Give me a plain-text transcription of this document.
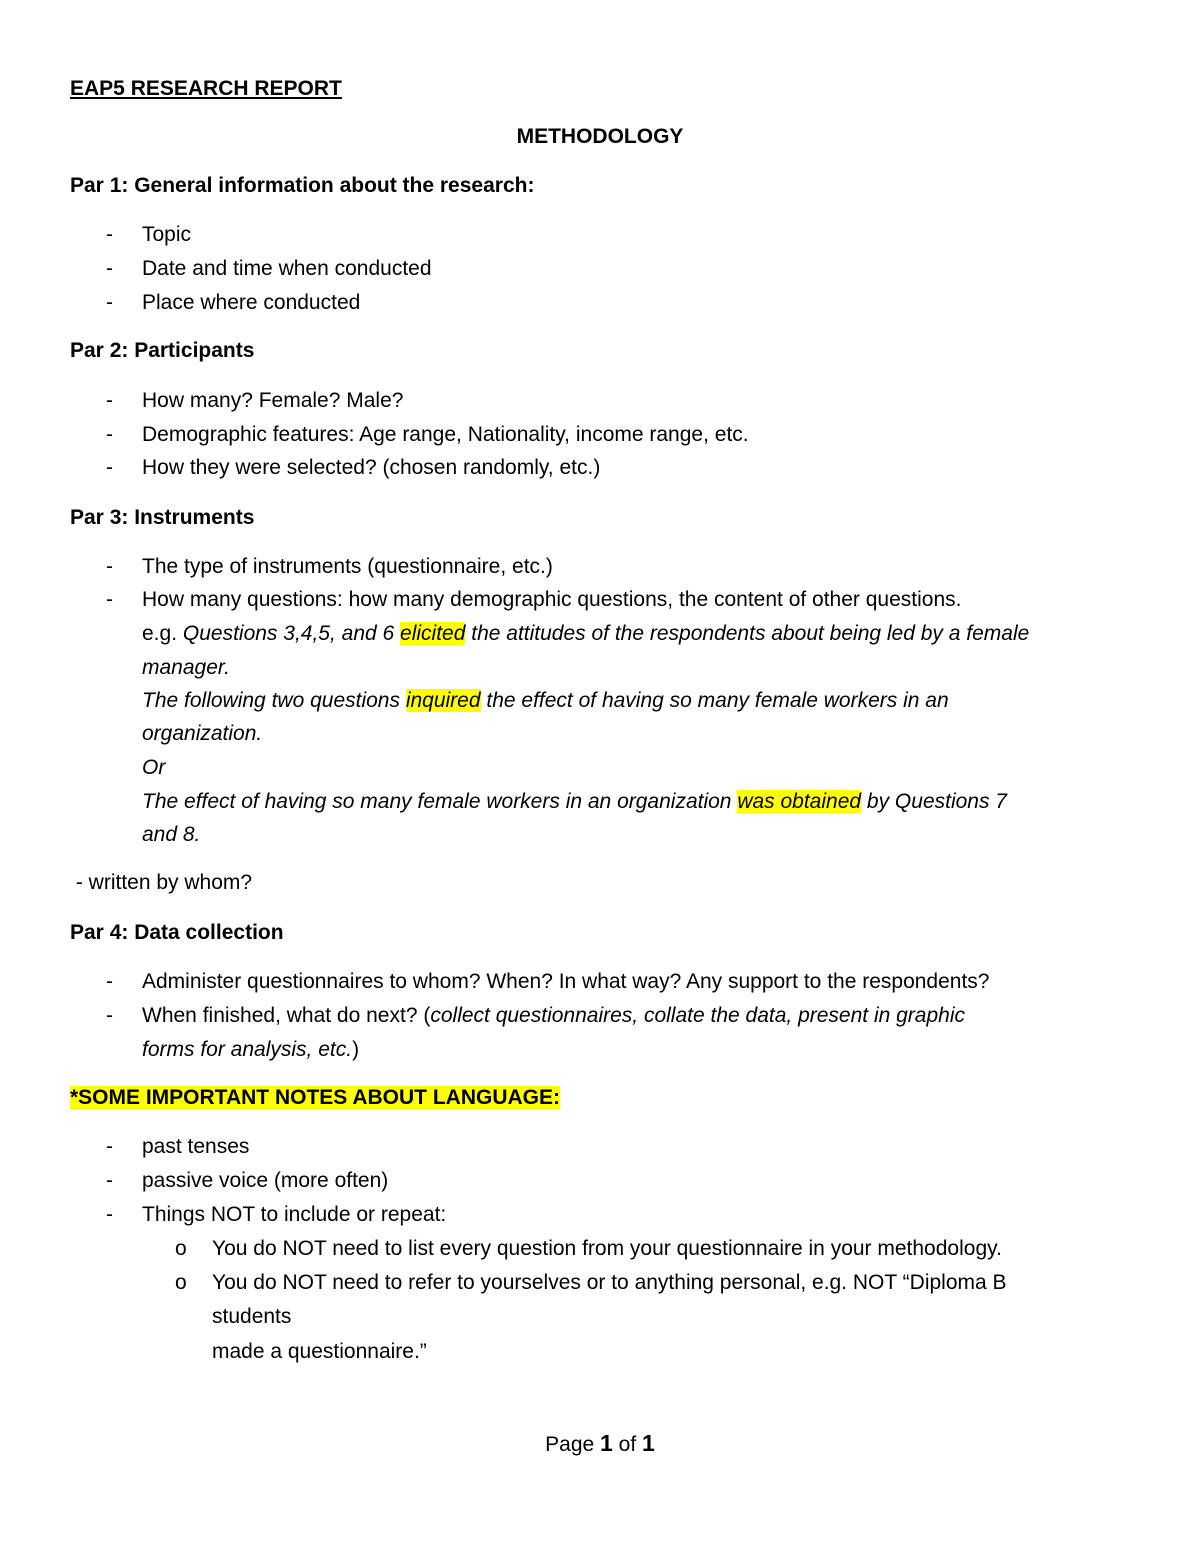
EAP5 RESEARCH REPORT
METHODOLOGY
Par 1: General information about the research:
-
Topic
-
Date and time when conducted
-
Place where conducted
Par 2: Participants
-
How many? Female? Male?
-
Demographic features: Age range, Nationality, income range, etc.
-
How they were selected? (chosen randomly, etc.)
Par 3: Instruments
-
The type of instruments (questionnaire, etc.)
-
How many questions: how many demographic questions, the content of other questions.
e.g. Questions 3,4,5, and 6 elicited the attitudes of the respondents about being led by a female
manager.
The following two questions inquired the effect of having so many female workers in an
organization.
Or
The effect of having so many female workers in an organization was obtained by Questions 7
and 8.
- written by whom?
Par 4: Data collection
-
Administer questionnaires to whom? When? In what way? Any support to the respondents?
-
When finished, what do next? (collect questionnaires, collate the data, present in graphic
forms for analysis, etc.)
*SOME IMPORTANT NOTES ABOUT LANGUAGE:
-
past tenses
-
passive voice (more often)
-
Things NOT to include or repeat:
o
You do NOT need to list every question from your questionnaire in your methodology.
o
You do NOT need to refer to yourselves or to anything personal, e.g. NOT “Diploma B
students
made a questionnaire.”
Page 1 of 1
